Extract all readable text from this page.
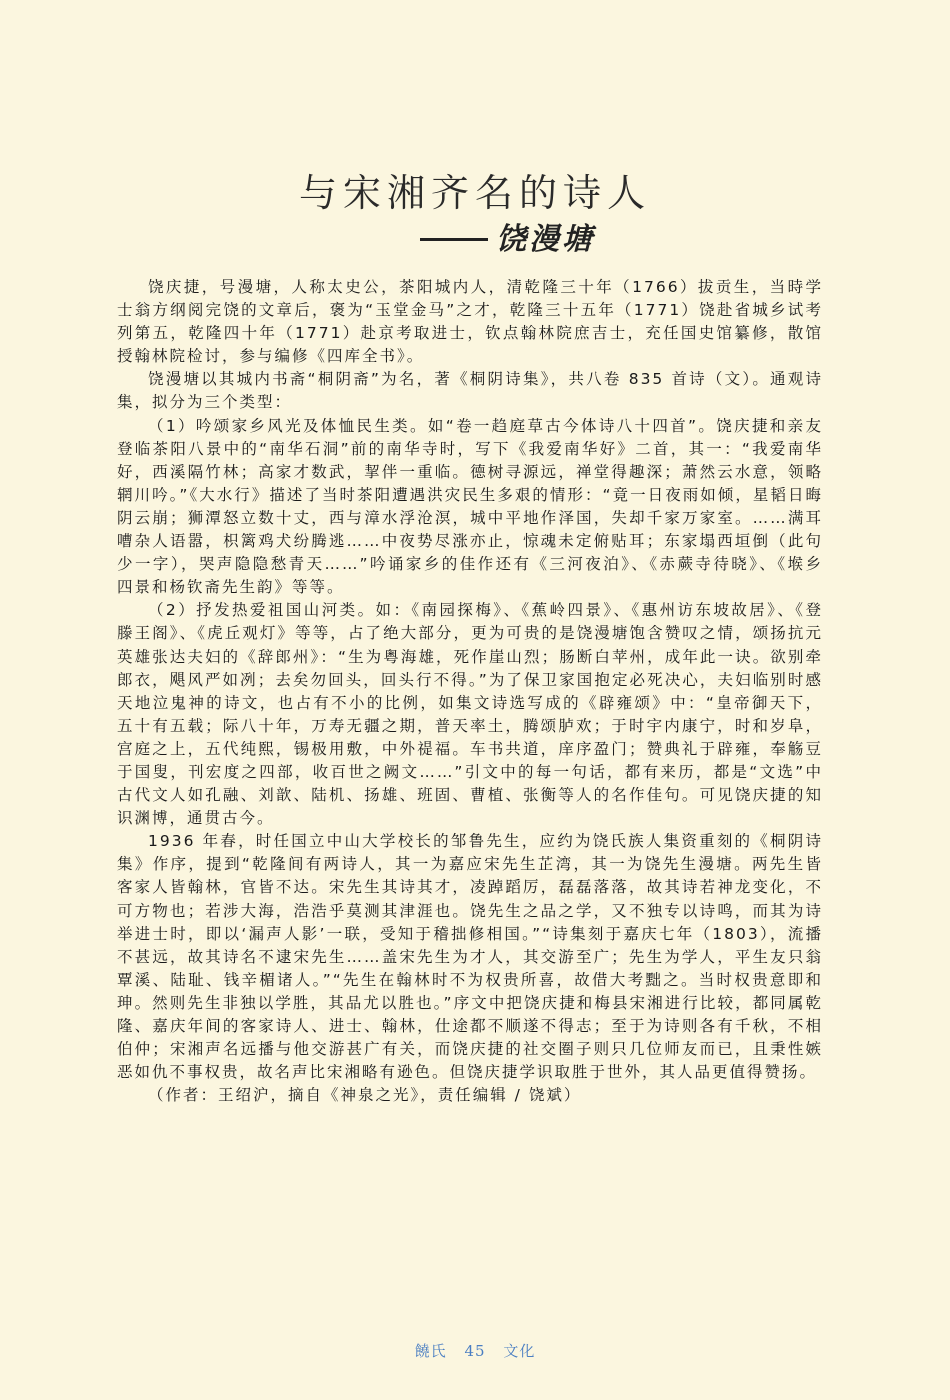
与宋湘齐名的诗人
饶漫塘

饶庆捷，号漫塘，人称太史公，茶阳城内人，清乾隆三十年（1766）拔贡生，当時学士翁方纲阅完饶的文章后，褒为“玉堂金马”之才，乾隆三十五年（1771）饶赴省城乡试考列第五，乾隆四十年（1771）赴京考取进士，钦点翰林院庶吉士，充任国史馆纂修，散馆授翰林院检讨，参与编修《四库全书》。

饶漫塘以其城内书斋“桐阴斋”为名，著《桐阴诗集》，共八卷 835 首诗（文）。通观诗集，拟分为三个类型：

（1）吟颂家乡风光及体恤民生类。如“卷一趋庭草古今体诗八十四首”。饶庆捷和亲友登临茶阳八景中的“南华石洞”前的南华寺时，写下《我爱南华好》二首，其一：“我爱南华好，西溪隔竹林；高家才数武，挈伴一重临。德树寻源远，禅堂得趣深；萧然云水意，领略辋川吟。”《大水行》描述了当时茶阳遭遇洪灾民生多艰的情形：“竟一日夜雨如倾，星韬日晦阴云崩；狮潭怒立数十丈，西与漳水浮沧溟，城中平地作泽国，失却千家万家室。……满耳嘈杂人语嚣，枳篱鸡犬纷腾逃……中夜势尽涨亦止，惊魂未定俯贴耳；东家塌西垣倒（此句少一字），哭声隐隐愁青天……”吟诵家乡的佳作还有《三河夜泊》、《赤蕨寺待晓》、《堠乡四景和杨钦斋先生韵》等等。

（2）抒发热爱祖国山河类。如：《南园探梅》、《蕉岭四景》、《惠州访东坡故居》、《登滕王阁》、《虎丘观灯》等等，占了绝大部分，更为可贵的是饶漫塘饱含赞叹之情，颂扬抗元英雄张达夫妇的《辞郎州》：“生为粤海雄，死作崖山烈；肠断白苹州，成年此一诀。欲别牵郎衣，飓风严如冽；去矣勿回头，回头行不得。”为了保卫家国抱定必死决心，夫妇临别时感天地泣鬼神的诗文，也占有不小的比例，如集文诗选写成的《辟雍颂》中：“皇帝御天下，五十有五载；际八十年，万寿无疆之期，普天率土，腾颂胪欢；于时宇内康宁，时和岁阜，宫庭之上，五代纯熙，锡极用敷，中外禔福。车书共道，庠序盈门；赞典礼于辟雍，奉觞豆于国叟，刊宏度之四部，收百世之阙文……”引文中的每一句话，都有来历，都是“文选”中古代文人如孔融、刘歆、陆机、扬雄、班固、曹植、张衡等人的名作佳句。可见饶庆捷的知识渊博，通贯古今。

1936 年春，时任国立中山大学校长的邹鲁先生，应约为饶氏族人集资重刻的《桐阴诗集》作序，提到“乾隆间有两诗人，其一为嘉应宋先生芷湾，其一为饶先生漫塘。两先生皆客家人皆翰林，官皆不达。宋先生其诗其才，凌踔蹈厉，磊磊落落，故其诗若神龙变化，不可方物也；若涉大海，浩浩乎莫测其津涯也。饶先生之品之学，又不独专以诗鸣，而其为诗举进士时，即以‘漏声人影’一联，受知于稽拙修相国。”“诗集刻于嘉庆七年（1803），流播不甚远，故其诗名不逮宋先生……盖宋先生为才人，其交游至广；先生为学人，平生友只翁覃溪、陆耻、钱辛楣诸人。”“先生在翰林时不为权贵所喜，故借大考黜之。当时权贵意即和珅。然则先生非独以学胜，其品尤以胜也。”序文中把饶庆捷和梅县宋湘进行比较，都同属乾隆、嘉庆年间的客家诗人、进士、翰林，仕途都不顺遂不得志；至于为诗则各有千秋，不相伯仲；宋湘声名远播与他交游甚广有关，而饶庆捷的社交圈子则只几位师友而已，且秉性嫉恶如仇不事权贵，故名声比宋湘略有逊色。但饶庆捷学识取胜于世外，其人品更值得赞扬。

（作者：王绍沪，摘自《神泉之光》，责任编辑 / 饶斌）

饒氏 45 文化
